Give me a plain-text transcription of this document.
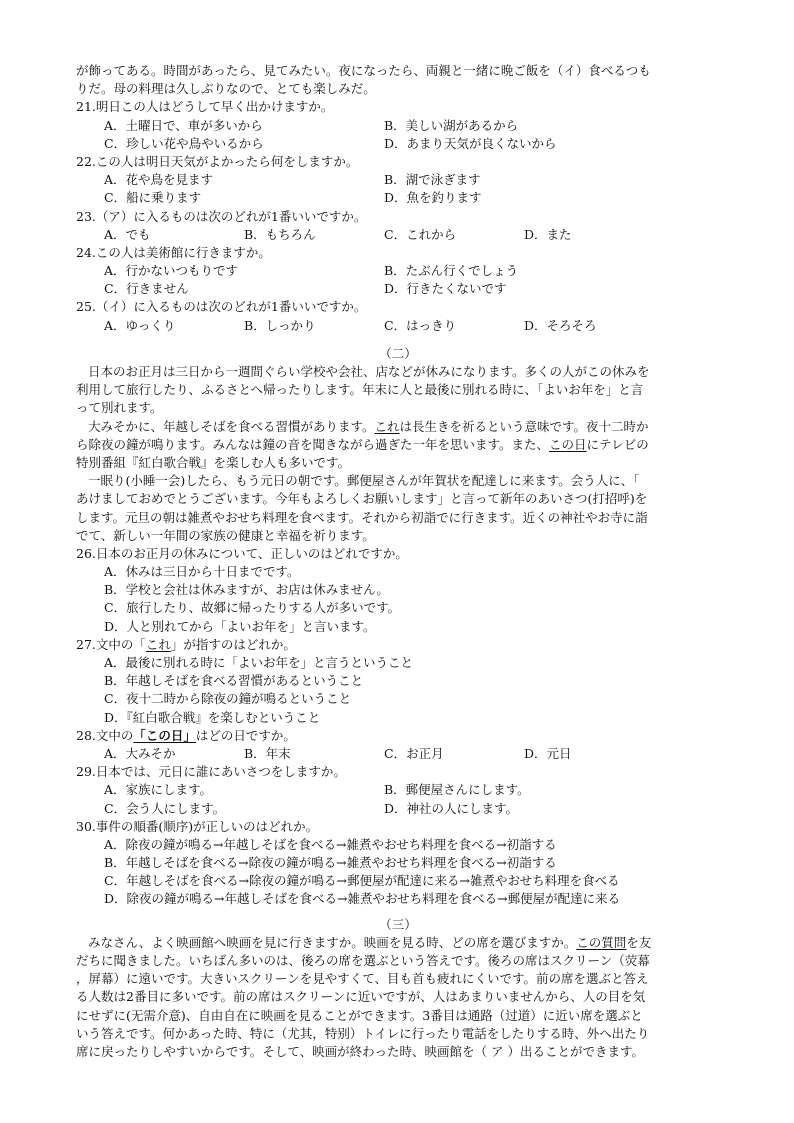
が飾ってある。時間があったら、見てみたい。夜になったら、両親と一緒に晩ご飯を（イ）食べるつも
りだ。母の料理は久しぶりなので、とても楽しみだ。
21.明日この人はどうして早く出かけますか。
A．土曜日で、車が多いから	B．美しい湖があるから
C．珍しい花や鳥やいるから	D．あまり天気が良くないから
22.この人は明日天気がよかったら何をしますか。
A．花や鳥を見ます	B．湖で泳ぎます
C．船に乗ります	D．魚を釣ります
23.（ア）に入るものは次のどれが1番いいですか。
A．でも	B．もちろん	C．これから	D．また
24.この人は美術館に行きますか。
A．行かないつもりです	B．たぶん行くでしょう
C．行きません	D．行きたくないです
25.（イ）に入るものは次のどれが1番いいですか。
A．ゆっくり	B．しっかり	C．はっきり	D．そろそろ
（二）
日本のお正月は三日から一週間ぐらい学校や会社、店などが休みになります。多くの人がこの休みを
利用して旅行したり、ふるさとへ帰ったりします。年末に人と最後に別れる時に、「よいお年を」と言
って別れます。
大みそかに、年越しそばを食べる習慣があります。これは長生きを祈るという意味です。夜十二時か
ら除夜の鐘が鳴ります。みんなは鐘の音を聞きながら過ぎた一年を思います。また、この日にテレビの
特別番組『紅白歌合戦』を楽しむ人も多いです。
一眠り(小睡一会)したら、もう元日の朝です。郵便屋さんが年賀状を配達しに来ます。会う人に、「
あけましておめでとうございます。今年もよろしくお願いします」と言って新年のあいさつ(打招呼)を
します。元旦の朝は雑煮やおせち料理を食べます。それから初詣でに行きます。近くの神社やお寺に詣
でて、新しい一年間の家族の健康と幸福を祈ります。
26.日本のお正月の休みについて、正しいのはどれですか。
A．休みは三日から十日までです。
B．学校と会社は休みますが、お店は休みません。
C．旅行したり、故郷に帰ったりする人が多いです。
D．人と別れてから「よいお年を」と言います。
27.文中の「これ」が指すのはどれか。
A．最後に別れる時に「よいお年を」と言うということ
B．年越しそばを食べる習慣があるということ
C．夜十二時から除夜の鐘が鳴るということ
D．『紅白歌合戦』を楽しむということ
28.文中の「この日」はどの日ですか。
A．大みそか	B．年末	C．お正月	D．元日
29.日本では、元日に誰にあいさつをしますか。
A．家族にします。	B．郵便屋さんにします。
C．会う人にします。	D．神社の人にします。
30.事件の順番(顺序)が正しいのはどれか。
A．除夜の鐘が鳴る→年越しそばを食べる→雑煮やおせち料理を食べる→初詣する
B．年越しそばを食べる→除夜の鐘が鳴る→雑煮やおせち料理を食べる→初詣する
C．年越しそばを食べる→除夜の鐘が鳴る→郵便屋が配達に来る→雑煮やおせち料理を食べる
D．除夜の鐘が鳴る→年越しそばを食べる→雑煮やおせち料理を食べる→郵便屋が配達に来る
（三）
みなさん、よく映画館へ映画を見に行きますか。映画を見る時、どの席を選びますか。この質問を友
だちに聞きました。いちばん多いのは、後ろの席を選ぶという答えです。後ろの席はスクリーン（荧幕
，屏幕）に遠いです。大きいスクリーンを見やすくて、目も首も疲れにくいです。前の席を選ぶと答え
る人数は2番目に多いです。前の席はスクリーンに近いですが、人はあまりいませんから、人の目を気
にせずに(无需介意)、自由自在に映画を見ることができます。3番目は通路（过道）に近い席を選ぶと
いう答えです。何かあった時、特に（尤其，特别）トイレに行ったり電話をしたりする時、外へ出たり
席に戻ったりしやすいからです。そして、映画が終わった時、映画館を（ ア ）出ることができます。
